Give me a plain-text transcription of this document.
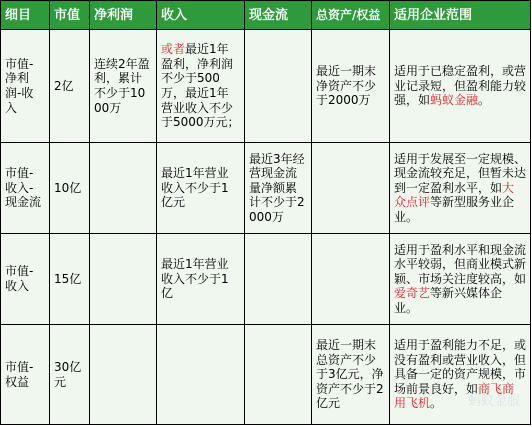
细目	市值	净利润	收入	现金流	总资产/权益	适用企业范围
市值-净利润-收入	2亿	连续2年盈利，累计不少于1000万	或者最近1年盈利，净利润不少于500万，最近1年营业收入不少于5000万元；		最近一期末净资产不少于2000万	适用于已稳定盈利，或营业记录短，但盈利能力较强，如蚂蚁金融。
市值-收入-现金流	10亿		最近1年营业收入不少于1亿元	最近3年经营现金流量净额累计不少于2000万		适用于发展至一定规模、现金流较充足，但暂未达到一定盈利水平，如大众点评等新型服务业企业。
市值-收入	15亿		最近1年营业收入不少于1亿			适用于盈利水平和现金流水平较弱，但商业模式新颖、市场关注度较高，如爱奇艺等新兴媒体企业。
市值-权益	30亿元				最近一期末总资产不少于3亿元，净资产不少于2亿元	适用于盈利能力不足，或没有盈利或营业收入，但具备一定的资产规模，市场前景良好，如商飞商用飞机。 蚂蚁金服
